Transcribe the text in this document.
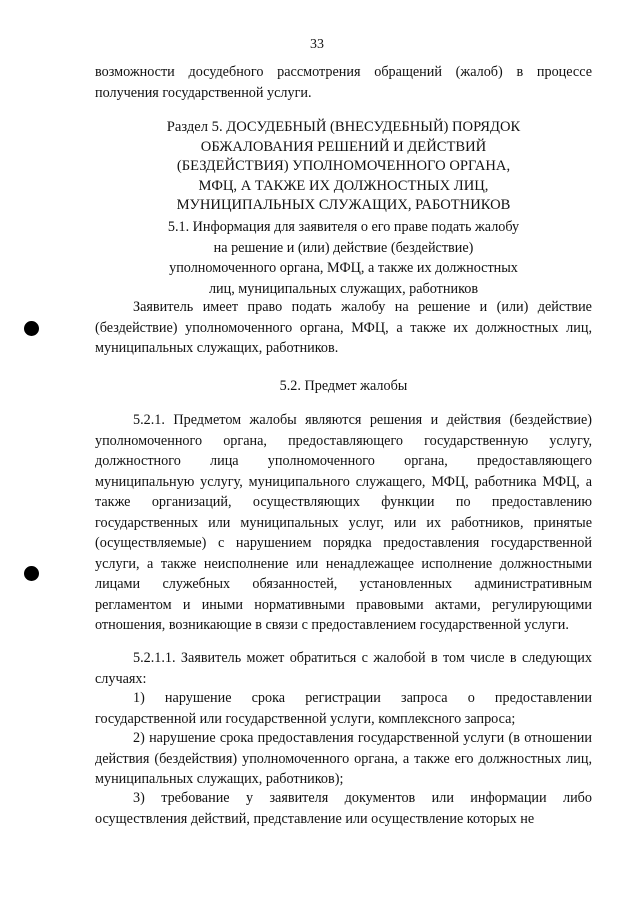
33
возможности досудебного рассмотрения обращений (жалоб) в процессе получения государственной услуги.
Раздел 5. ДОСУДЕБНЫЙ (ВНЕСУДЕБНЫЙ) ПОРЯДОК
ОБЖАЛОВАНИЯ РЕШЕНИЙ И ДЕЙСТВИЙ
(БЕЗДЕЙСТВИЯ) УПОЛНОМОЧЕННОГО ОРГАНА,
МФЦ, А ТАКЖЕ ИХ ДОЛЖНОСТНЫХ ЛИЦ,
МУНИЦИПАЛЬНЫХ СЛУЖАЩИХ, РАБОТНИКОВ
5.1. Информация для заявителя о его праве подать жалобу
на решение и (или) действие (бездействие)
уполномоченного органа, МФЦ, а также их должностных
лиц, муниципальных служащих, работников
Заявитель имеет право подать жалобу на решение и (или) действие (бездействие) уполномоченного органа, МФЦ, а также их должностных лиц, муниципальных служащих, работников.
5.2. Предмет жалобы
5.2.1. Предметом жалобы являются решения и действия (бездействие) уполномоченного органа, предоставляющего государственную услугу, должностного лица уполномоченного органа, предоставляющего муниципальную услугу, муниципального служащего, МФЦ, работника МФЦ, а также организаций, осуществляющих функции по предоставлению государственных или муниципальных услуг, или их работников, принятые (осуществляемые) с нарушением порядка предоставления государственной услуги, а также неисполнение или ненадлежащее исполнение должностными лицами служебных обязанностей, установленных административным регламентом и иными нормативными правовыми актами, регулирующими отношения, возникающие в связи с предоставлением государственной услуги.
5.2.1.1. Заявитель может обратиться с жалобой в том числе в следующих случаях:
1) нарушение срока регистрации запроса о предоставлении государственной или государственной услуги, комплексного запроса;
2) нарушение срока предоставления государственной услуги (в отношении действия (бездействия) уполномоченного органа, а также его должностных лиц, муниципальных служащих, работников);
3) требование у заявителя документов или информации либо осуществления действий, представление или осуществление которых не
